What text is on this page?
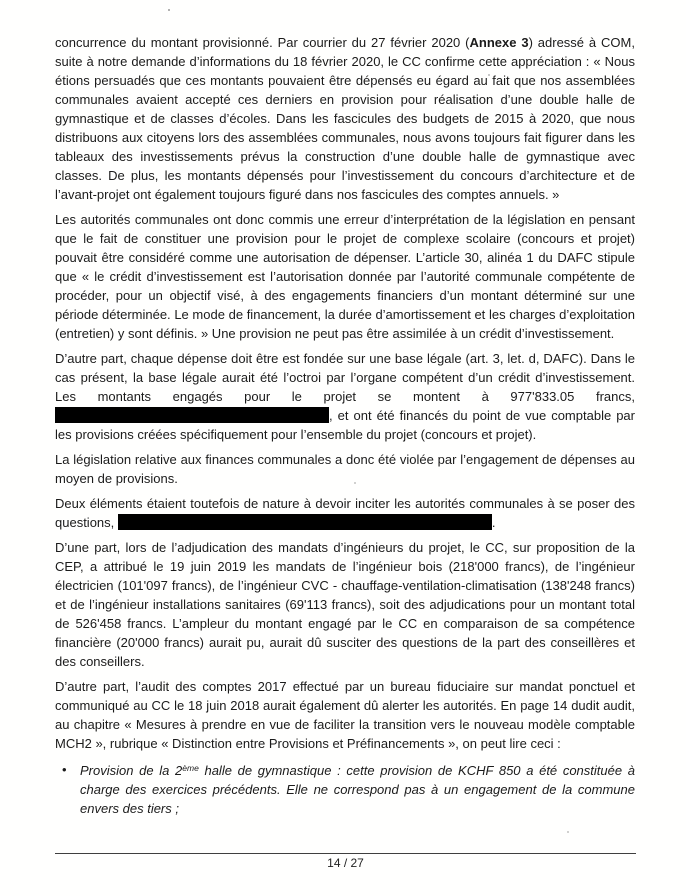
concurrence du montant provisionné. Par courrier du 27 février 2020 (Annexe 3) adressé à COM, suite à notre demande d’informations du 18 février 2020, le CC confirme cette appréciation : « Nous étions persuadés que ces montants pouvaient être dépensés eu égard au fait que nos assemblées communales avaient accepté ces derniers en provision pour réalisation d’une double halle de gymnastique et de classes d’écoles. Dans les fascicules des budgets de 2015 à 2020, que nous distribuons aux citoyens lors des assemblées communales, nous avons toujours fait figurer dans les tableaux des investissements prévus la construction d’une double halle de gymnastique avec classes. De plus, les montants dépensés pour l’investissement du concours d’architecture et de l’avant-projet ont également toujours figuré dans nos fascicules des comptes annuels. »

Les autorités communales ont donc commis une erreur d’interprétation de la législation en pensant que le fait de constituer une provision pour le projet de complexe scolaire (concours et projet) pouvait être considéré comme une autorisation de dépenser. L’article 30, alinéa 1 du DAFC stipule que « le crédit d’investissement est l’autorisation donnée par l’autorité communale compétente de procéder, pour un objectif visé, à des engagements financiers d’un montant déterminé sur une période déterminée. Le mode de financement, la durée d’amortissement et les charges d’exploitation (entretien) y sont définis. » Une provision ne peut pas être assimilée à un crédit d’investissement.

D’autre part, chaque dépense doit être est fondée sur une base légale (art. 3, let. d, DAFC). Dans le cas présent, la base légale aurait été l’octroi par l’organe compétent d’un crédit d’investissement. Les montants engagés pour le projet se montent à 977'833.05 francs, , et ont été financés du point de vue comptable par les provisions créées spécifiquement pour l’ensemble du projet (concours et projet).

La législation relative aux finances communales a donc été violée par l’engagement de dépenses au moyen de provisions.

Deux éléments étaient toutefois de nature à devoir inciter les autorités communales à se poser des questions,	.

D’une part, lors de l’adjudication des mandats d’ingénieurs du projet, le CC, sur proposition de la CEP, a attribué le 19 juin 2019 les mandats de l’ingénieur bois (218'000 francs), de l’ingénieur électricien (101'097 francs), de l’ingénieur CVC - chauffage-ventilation-climatisation (138'248 francs) et de l’ingénieur installations sanitaires (69'113 francs), soit des adjudications pour un montant total de 526'458 francs. L’ampleur du montant engagé par le CC en comparaison de sa compétence financière (20'000 francs) aurait pu, aurait dû susciter des questions de la part des conseillères et des conseillers.

D’autre part, l’audit des comptes 2017 effectué par un bureau fiduciaire sur mandat ponctuel et communiqué au CC le 18 juin 2018 aurait également dû alerter les autorités. En page 14 dudit audit, au chapitre « Mesures à prendre en vue de faciliter la transition vers le nouveau modèle comptable MCH2 », rubrique « Distinction entre Provisions et Préfinancements », on peut lire ceci :

• Provision de la 2ème halle de gymnastique : cette provision de KCHF 850 a été constituée à charge des exercices précédents. Elle ne correspond pas à un engagement de la commune envers des tiers ;
14 / 27
